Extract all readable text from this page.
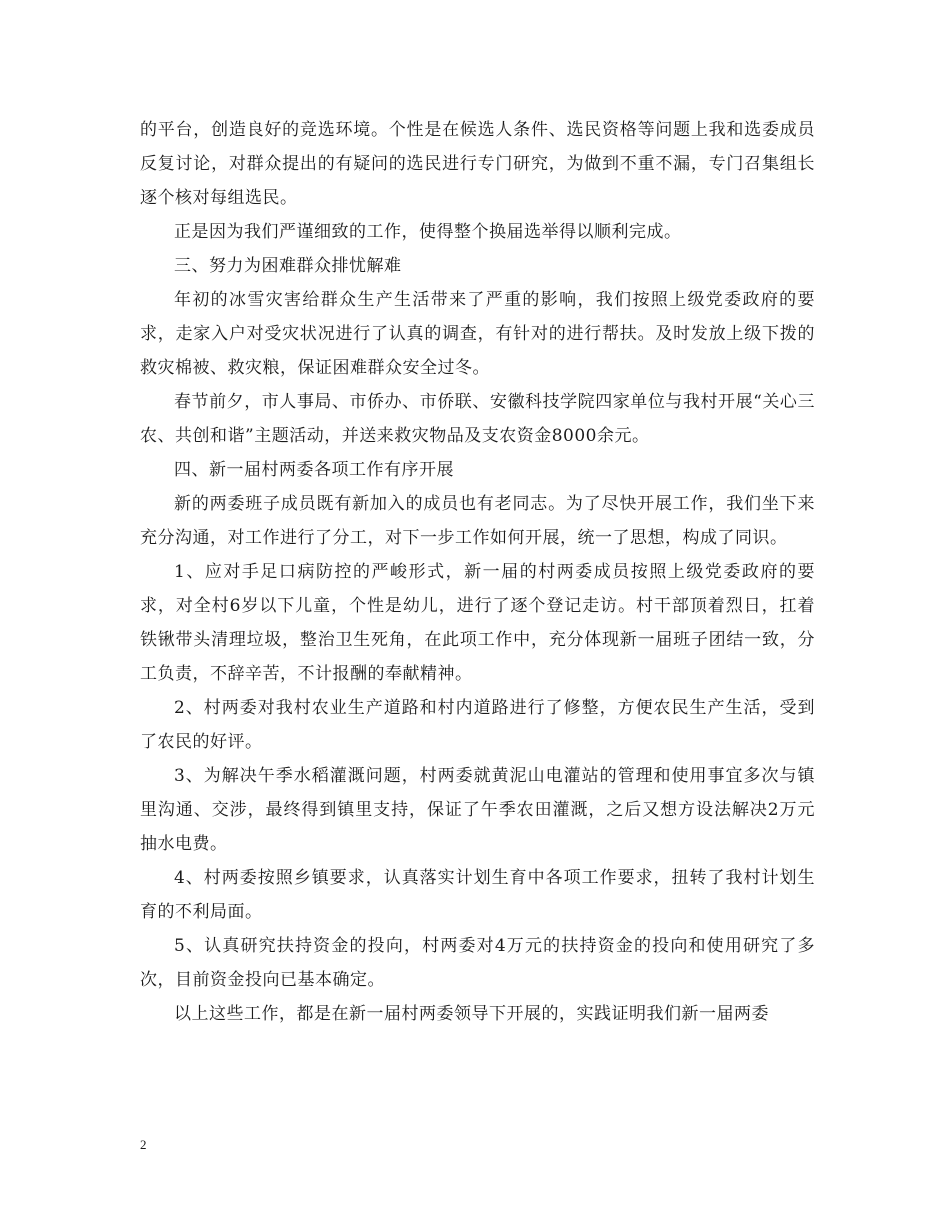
的平台，创造良好的竞选环境。个性是在候选人条件、选民资格等问题上我和选委成员反复讨论，对群众提出的有疑问的选民进行专门研究，为做到不重不漏，专门召集组长逐个核对每组选民。

正是因为我们严谨细致的工作，使得整个换届选举得以顺利完成。

三、努力为困难群众排忧解难

年初的冰雪灾害给群众生产生活带来了严重的影响，我们按照上级党委政府的要求，走家入户对受灾状况进行了认真的调查，有针对的进行帮扶。及时发放上级下拨的救灾棉被、救灾粮，保证困难群众安全过冬。

春节前夕，市人事局、市侨办、市侨联、安徽科技学院四家单位与我村开展“关心三农、共创和谐”主题活动，并送来救灾物品及支农资金8000余元。

四、新一届村两委各项工作有序开展

新的两委班子成员既有新加入的成员也有老同志。为了尽快开展工作，我们坐下来充分沟通，对工作进行了分工，对下一步工作如何开展，统一了思想，构成了同识。

1、应对手足口病防控的严峻形式，新一届的村两委成员按照上级党委政府的要求，对全村6岁以下儿童，个性是幼儿，进行了逐个登记走访。村干部顶着烈日，扛着铁锹带头清理垃圾，整治卫生死角，在此项工作中，充分体现新一届班子团结一致，分工负责，不辞辛苦，不计报酬的奉献精神。

2、村两委对我村农业生产道路和村内道路进行了修整，方便农民生产生活，受到了农民的好评。

3、为解决午季水稻灌溉问题，村两委就黄泥山电灌站的管理和使用事宜多次与镇里沟通、交涉，最终得到镇里支持，保证了午季农田灌溉，之后又想方设法解决2万元抽水电费。

4、村两委按照乡镇要求，认真落实计划生育中各项工作要求，扭转了我村计划生育的不利局面。

5、认真研究扶持资金的投向，村两委对4万元的扶持资金的投向和使用研究了多次，目前资金投向已基本确定。

以上这些工作，都是在新一届村两委领导下开展的，实践证明我们新一届两委

2
